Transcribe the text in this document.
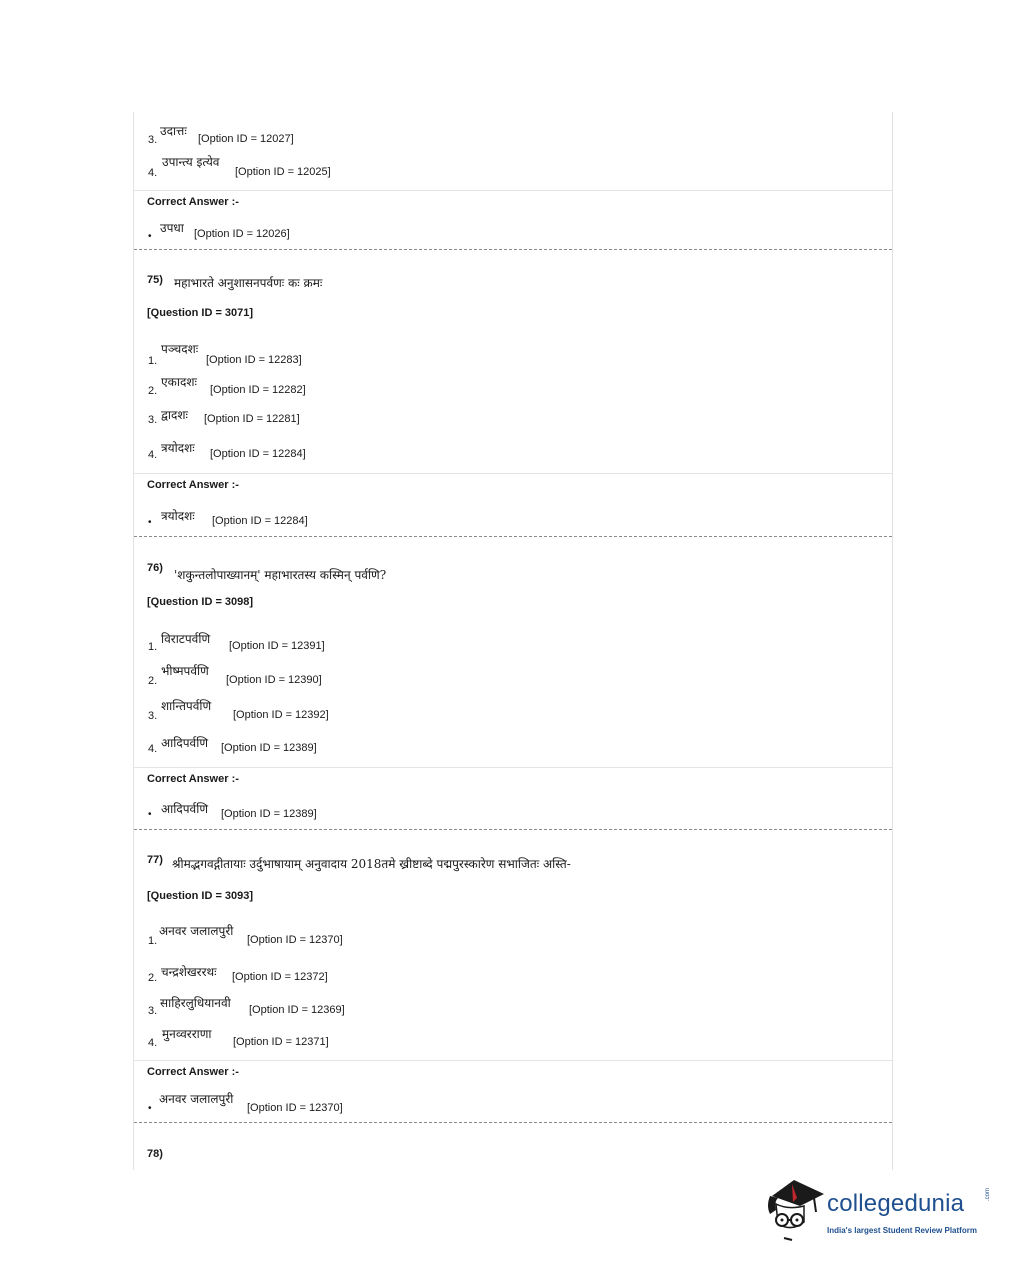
3.
उदात्तः
[Option ID = 12027]
4.
उपान्त्य इत्येव
[Option ID = 12025]
Correct Answer :-
•
उपधा [Option ID = 12026]
75) महाभारते अनुशासनपर्वणः कः क्रमः
[Question ID = 3071]
1.
पञ्चदशः
[Option ID = 12283]
2.
एकादशः
[Option ID = 12282]
3. द्वादशः [Option ID = 12281]
4. त्रयोदशः [Option ID = 12284]
Correct Answer :-
• त्रयोदशः [Option ID = 12284]
76) 'शकुन्तलोपाख्यानम्' महाभारतस्य कस्मिन् पर्वणि?
[Question ID = 3098]
1.
विराटपर्वणि [Option ID = 12391]
2.
भीष्मपर्वणि
[Option ID = 12390]
3.
शान्तिपर्वणि
[Option ID = 12392]
4. आदिपर्वणि [Option ID = 12389]
Correct Answer :-
• आदिपर्वणि [Option ID = 12389]
77) श्रीमद्भगवद्गीतायाः उर्दुभाषायाम् अनुवादाय 2018तमे ख्रीष्टाब्दे पद्मपुरस्कारेण सभाजितः अस्ति-
[Question ID = 3093]
1.
अनवर जलालपुरी
[Option ID = 12370]
2. चन्द्रशेखररथः [Option ID = 12372]
3.
साहिरलुधियानवी [Option ID = 12369]
4.
मुनव्वरराणा
[Option ID = 12371]
Correct Answer :-
•
अनवर जलालपुरी
[Option ID = 12370]
78)
collegedunia	.com
India's largest Student Review Platform
